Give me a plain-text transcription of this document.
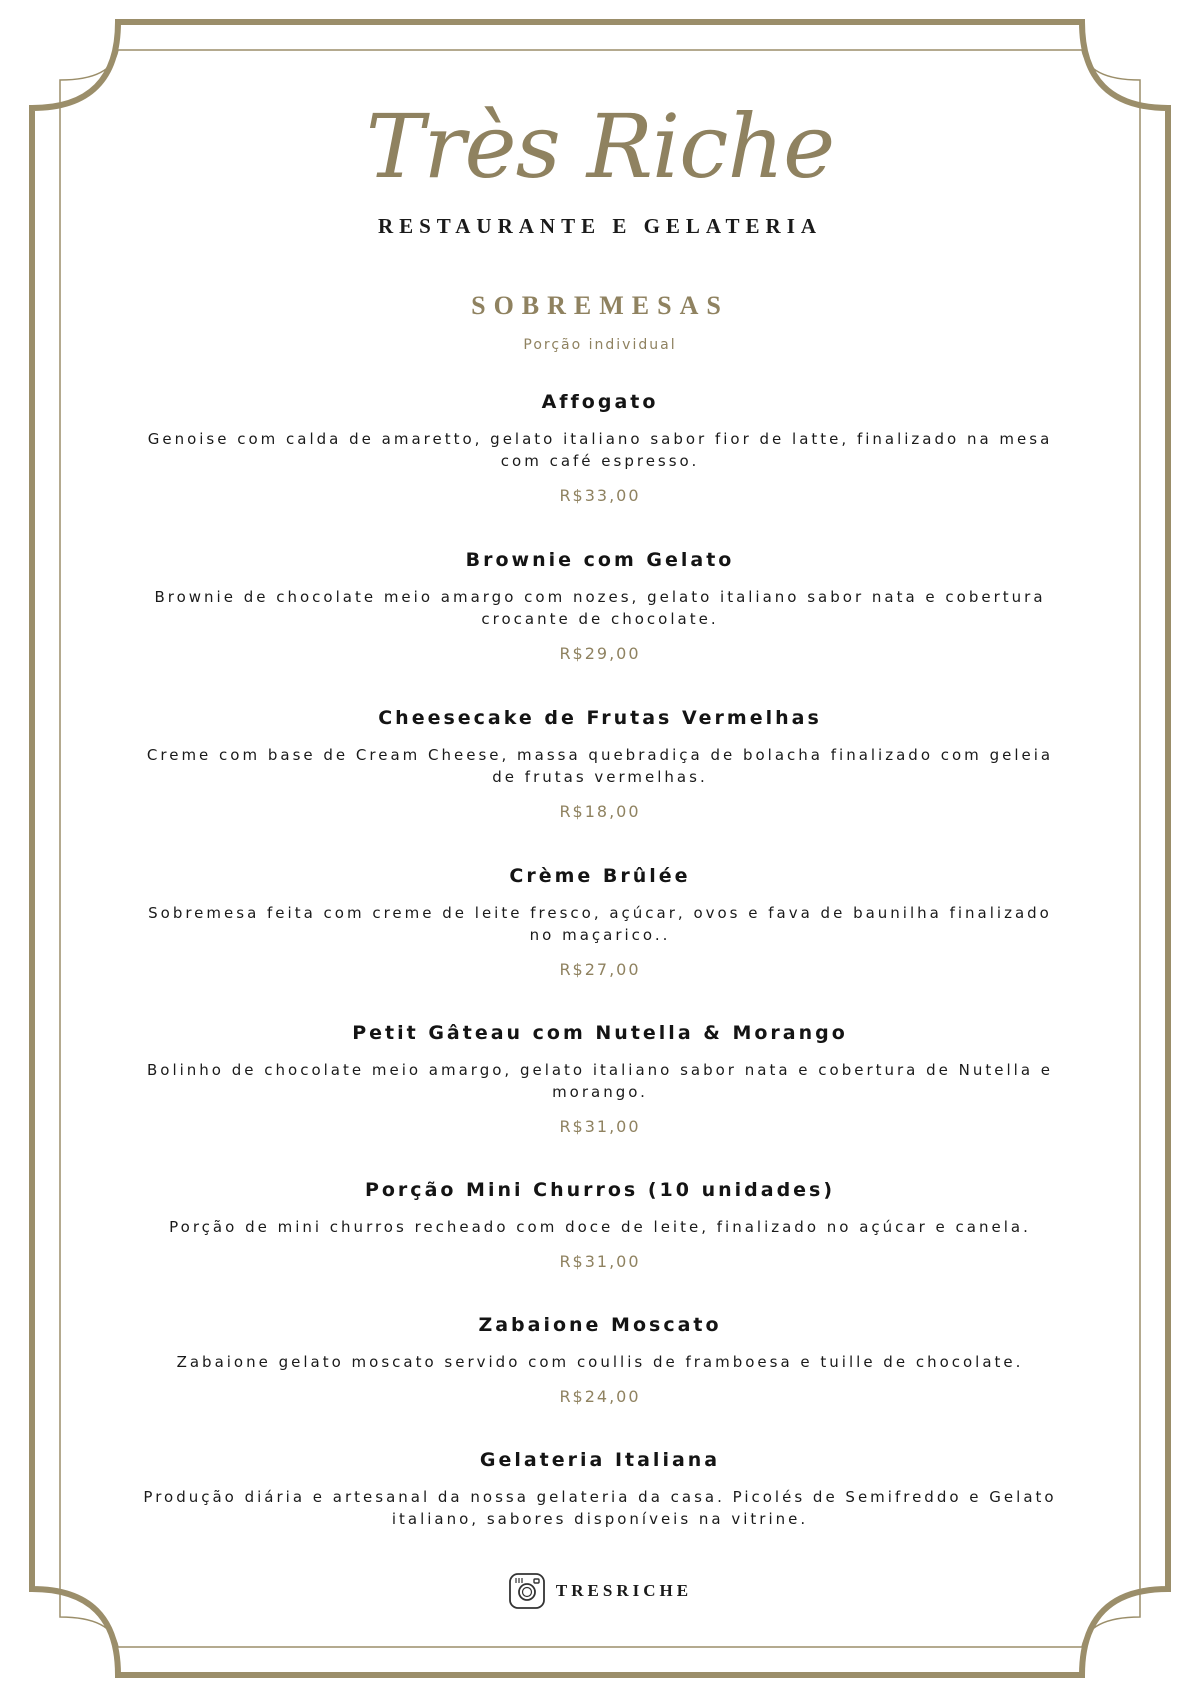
Très Riche
RESTAURANTE E GELATERIA
SOBREMESAS
Porção individual
Affogato
Genoise com calda de amaretto, gelato italiano sabor fior de latte, finalizado na mesa com café espresso.
R$33,00
Brownie com Gelato
Brownie de chocolate meio amargo com nozes, gelato italiano sabor nata e cobertura crocante de chocolate.
R$29,00
Cheesecake de Frutas Vermelhas
Creme com base de Cream Cheese, massa quebradiça de bolacha finalizado com geleia de frutas vermelhas.
R$18,00
Crème Brûlée
Sobremesa feita com creme de leite fresco, açúcar, ovos e fava de baunilha finalizado no maçarico..
R$27,00
Petit Gâteau com Nutella & Morango
Bolinho de chocolate meio amargo, gelato italiano sabor nata e cobertura de Nutella e morango.
R$31,00
Porção Mini Churros (10 unidades)
Porção de mini churros recheado com doce de leite, finalizado no açúcar e canela.
R$31,00
Zabaione Moscato
Zabaione gelato moscato servido com coullis de framboesa e tuille de chocolate.
R$24,00
Gelateria Italiana
Produção diária e artesanal da nossa gelateria da casa. Picolés de Semifreddo e Gelato italiano, sabores disponíveis na vitrine.
TRESRICHE
